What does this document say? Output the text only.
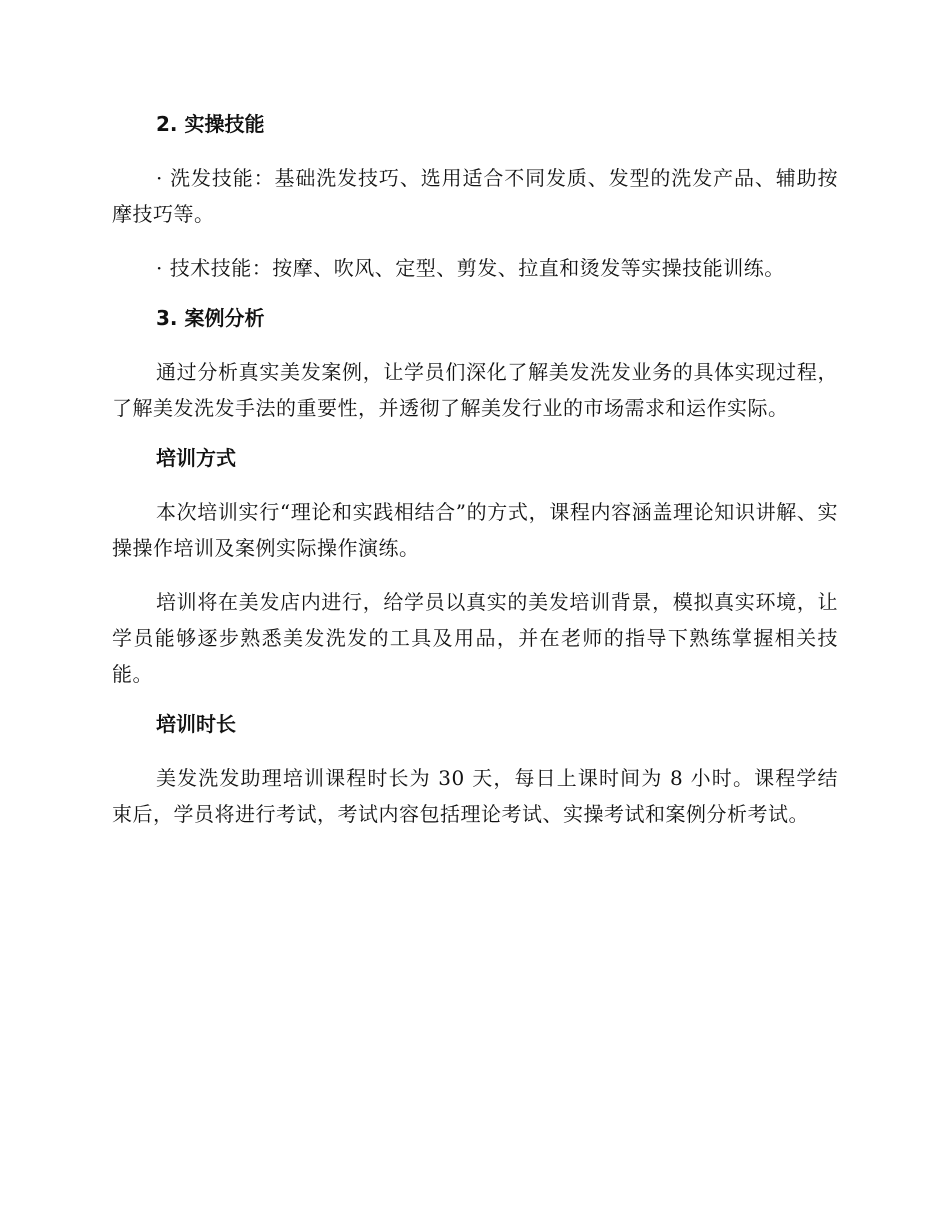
2. 实操技能

· 洗发技能：基础洗发技巧、选用适合不同发质、发型的洗发产品、辅助按摩技巧等。

· 技术技能：按摩、吹风、定型、剪发、拉直和烫发等实操技能训练。

3. 案例分析

通过分析真实美发案例，让学员们深化了解美发洗发业务的具体实现过程，了解美发洗发手法的重要性，并透彻了解美发行业的市场需求和运作实际。

培训方式

本次培训实行“理论和实践相结合”的方式，课程内容涵盖理论知识讲解、实操操作培训及案例实际操作演练。

培训将在美发店内进行，给学员以真实的美发培训背景，模拟真实环境，让学员能够逐步熟悉美发洗发的工具及用品，并在老师的指导下熟练掌握相关技能。

培训时长

美发洗发助理培训课程时长为 30 天，每日上课时间为 8 小时。课程学结束后，学员将进行考试，考试内容包括理论考试、实操考试和案例分析考试。
